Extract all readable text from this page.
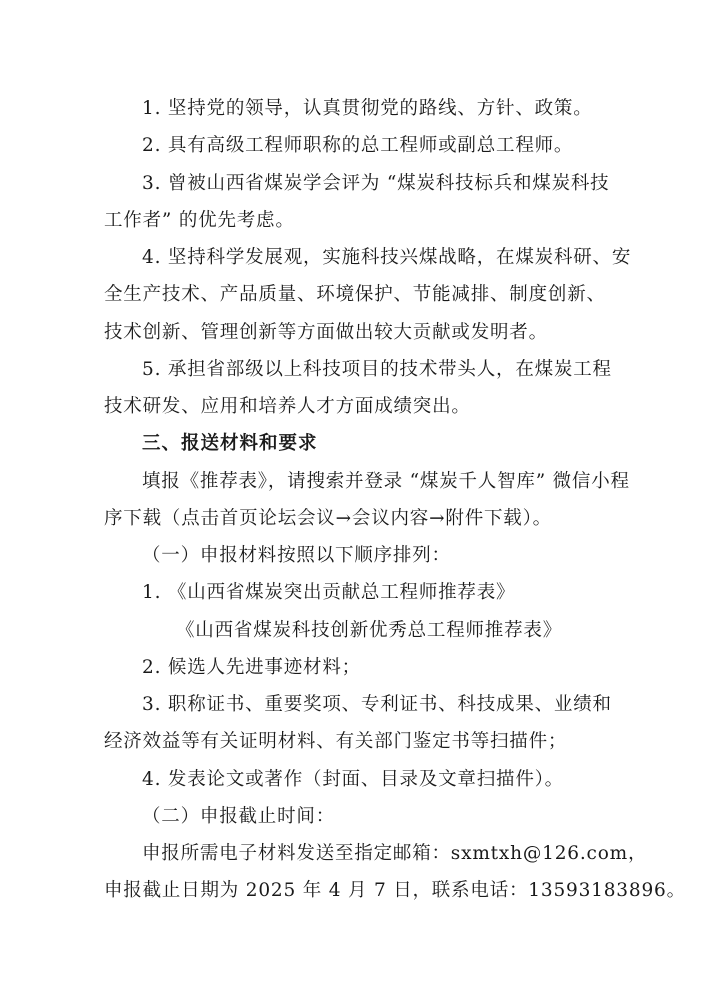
1. 坚持党的领导，认真贯彻党的路线、方针、政策。
2. 具有高级工程师职称的总工程师或副总工程师。
3. 曾被山西省煤炭学会评为 “煤炭科技标兵和煤炭科技
工作者” 的优先考虑。
4. 坚持科学发展观，实施科技兴煤战略，在煤炭科研、安
全生产技术、产品质量、环境保护、节能减排、制度创新、
技术创新、管理创新等方面做出较大贡献或发明者。
5. 承担省部级以上科技项目的技术带头人，在煤炭工程
技术研发、应用和培养人才方面成绩突出。
三、报送材料和要求
填报《推荐表》，请搜索并登录 “煤炭千人智库” 微信小程
序下载（点击首页论坛会议→会议内容→附件下载）。
（一）申报材料按照以下顺序排列：
1. 《山西省煤炭突出贡献总工程师推荐表》
《山西省煤炭科技创新优秀总工程师推荐表》
2. 候选人先进事迹材料；
3. 职称证书、重要奖项、专利证书、科技成果、业绩和
经济效益等有关证明材料、有关部门鉴定书等扫描件；
4. 发表论文或著作（封面、目录及文章扫描件）。
（二）申报截止时间：
申报所需电子材料发送至指定邮箱：sxmtxh@126.com，
申报截止日期为 2025 年 4 月 7 日，联系电话：13593183896。
